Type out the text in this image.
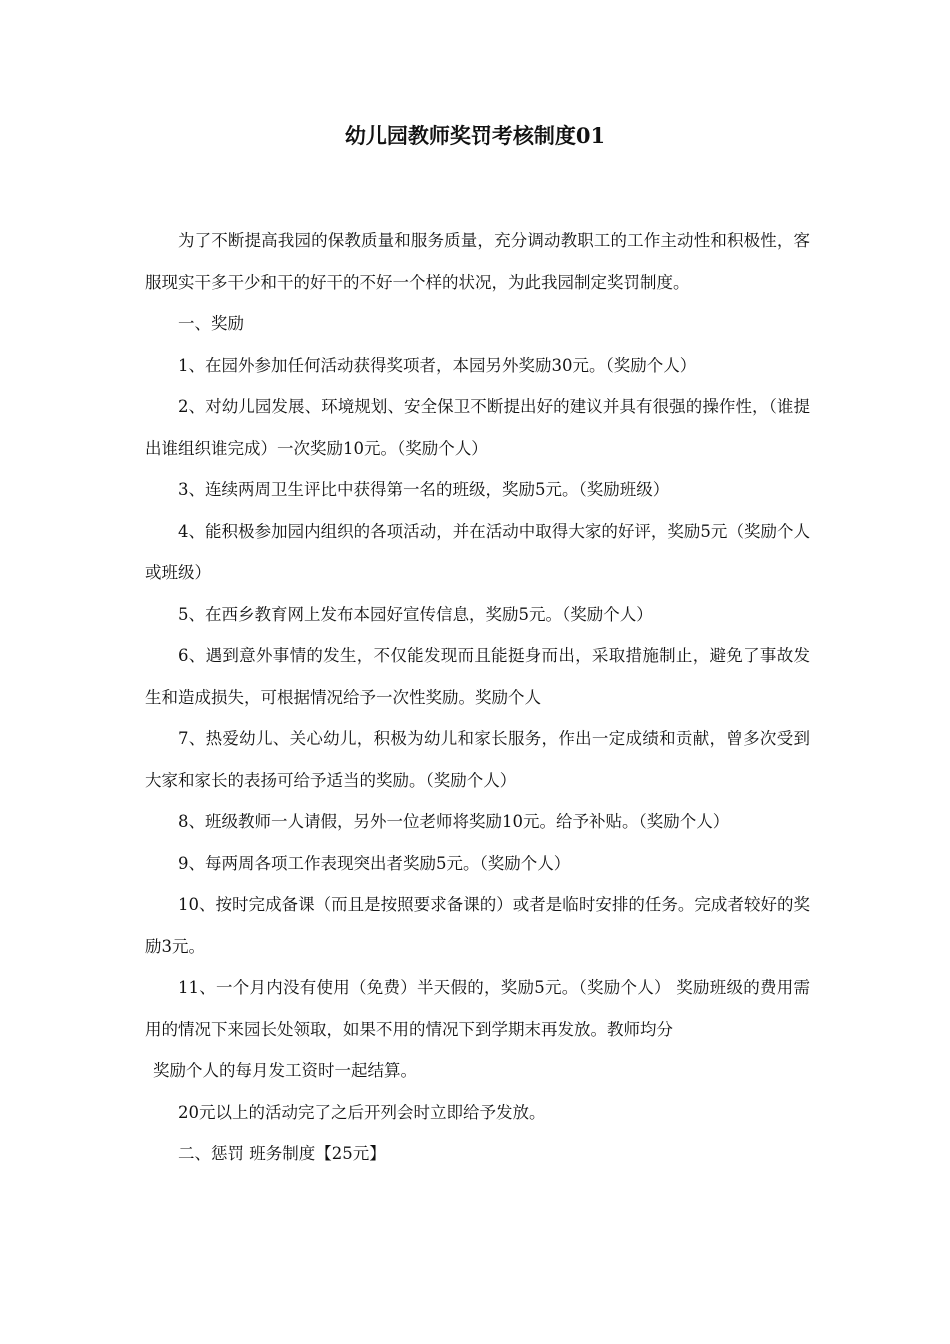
幼儿园教师奖罚考核制度01

为了不断提高我园的保教质量和服务质量，充分调动教职工的工作主动性和积极性，客服现实干多干少和干的好干的不好一个样的状况，为此我园制定奖罚制度。

一、奖励

1、在园外参加任何活动获得奖项者，本园另外奖励30元。（奖励个人）

2、对幼儿园发展、环境规划、安全保卫不断提出好的建议并具有很强的操作性，（谁提出谁组织谁完成）一次奖励10元。（奖励个人）

3、连续两周卫生评比中获得第一名的班级，奖励5元。（奖励班级）

4、能积极参加园内组织的各项活动，并在活动中取得大家的好评，奖励5元（奖励个人或班级）

5、在西乡教育网上发布本园好宣传信息，奖励5元。（奖励个人）

6、遇到意外事情的发生，不仅能发现而且能挺身而出，采取措施制止，避免了事故发生和造成损失，可根据情况给予一次性奖励。奖励个人

7、热爱幼儿、关心幼儿，积极为幼儿和家长服务，作出一定成绩和贡献，曾多次受到大家和家长的表扬可给予适当的奖励。（奖励个人）

8、班级教师一人请假，另外一位老师将奖励10元。给予补贴。（奖励个人）

9、每两周各项工作表现突出者奖励5元。（奖励个人）

10、按时完成备课（而且是按照要求备课的）或者是临时安排的任务。完成者较好的奖励3元。

11、一个月内没有使用（免费）半天假的，奖励5元。（奖励个人） 奖励班级的费用需用的情况下来园长处领取，如果不用的情况下到学期末再发放。教师均分

奖励个人的每月发工资时一起结算。

20元以上的活动完了之后开列会时立即给予发放。

二、惩罚 班务制度【25元】
